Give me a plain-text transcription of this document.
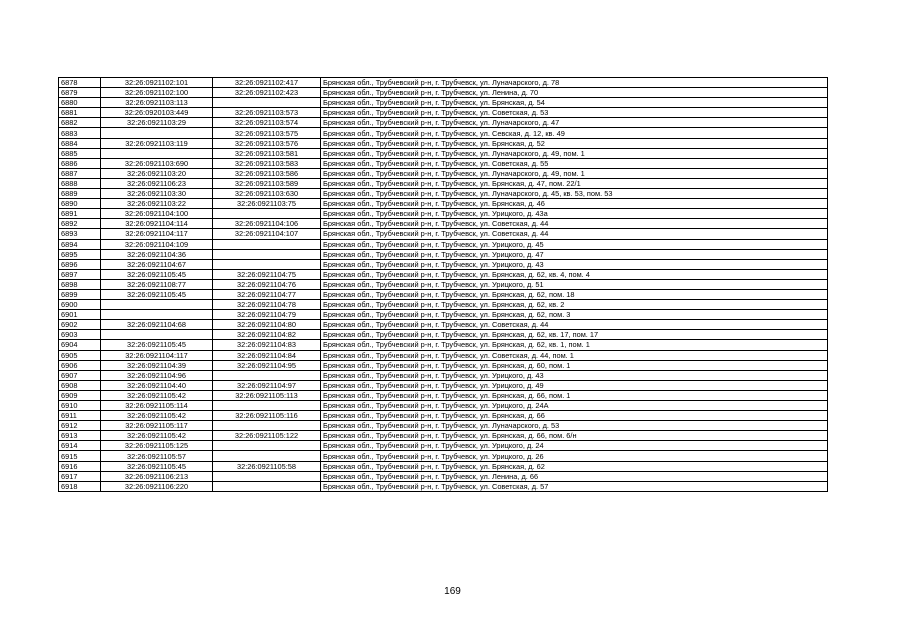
6878	32:26:0921102:101	32:26:0921102:417	Брянская обл., Трубчевский р-н, г. Трубчевск, ул. Луначарского, д. 78
6879	32:26:0921102:100	32:26:0921102:423	Брянская обл., Трубчевский р-н, г. Трубчевск, ул. Ленина, д. 70
6880	32:26:0921103:113		Брянская обл., Трубчевский р-н, г. Трубчевск, ул. Брянская, д. 54
6881	32:26:0920103:449	32:26:0921103:573	Брянская обл., Трубчевский р-н, г. Трубчевск, ул. Советская, д. 53
6882	32:26:0921103:29	32:26:0921103:574	Брянская обл., Трубчевский р-н, г. Трубчевск, ул. Луначарского, д. 47
6883		32:26:0921103:575	Брянская обл., Трубчевский р-н, г. Трубчевск, ул. Севская, д. 12, кв. 49
6884	32:26:0921103:119	32:26:0921103:576	Брянская обл., Трубчевский р-н, г. Трубчевск, ул. Брянская, д. 52
6885		32:26:0921103:581	Брянская обл., Трубчевский р-н, г. Трубчевск, ул. Луначарского, д. 49, пом. 1
6886	32:26:0921103:690	32:26:0921103:583	Брянская обл., Трубчевский р-н, г. Трубчевск, ул. Советская, д. 55
6887	32:26:0921103:20	32:26:0921103:586	Брянская обл., Трубчевский р-н, г. Трубчевск, ул. Луначарского, д. 49, пом. 1
6888	32:26:0921106:23	32:26:0921103:589	Брянская обл., Трубчевский р-н, г. Трубчевск, ул. Брянская, д. 47, пом. 22/1
6889	32:26:0921103:30	32:26:0921103:630	Брянская обл., Трубчевский р-н, г. Трубчевск, ул. Луначарского, д. 45, кв. 53, пом. 53
6890	32:26:0921103:22	32:26:0921103:75	Брянская обл., Трубчевский р-н, г. Трубчевск, ул. Брянская, д. 46
6891	32:26:0921104:100		Брянская обл., Трубчевский р-н, г. Трубчевск, ул. Урицкого, д. 43а
6892	32:26:0921104:114	32:26:0921104:106	Брянская обл., Трубчевский р-н, г. Трубчевск, ул. Советская, д. 44
6893	32:26:0921104:117	32:26:0921104:107	Брянская обл., Трубчевский р-н, г. Трубчевск, ул. Советская, д. 44
6894	32:26:0921104:109		Брянская обл., Трубчевский р-н, г. Трубчевск, ул. Урицкого, д. 45
6895	32:26:0921104:36		Брянская обл., Трубчевский р-н, г. Трубчевск, ул. Урицкого, д. 47
6896	32:26:0921104:67		Брянская обл., Трубчевский р-н, г. Трубчевск, ул. Урицкого, д. 43
6897	32:26:0921105:45	32:26:0921104:75	Брянская обл., Трубчевский р-н, г. Трубчевск, ул. Брянская, д. 62, кв. 4, пом. 4
6898	32:26:0921108:77	32:26:0921104:76	Брянская обл., Трубчевский р-н, г. Трубчевск, ул. Урицкого, д. 51
6899	32:26:0921105:45	32:26:0921104:77	Брянская обл., Трубчевский р-н, г. Трубчевск, ул. Брянская, д. 62, пом. 18
6900		32:26:0921104:78	Брянская обл., Трубчевский р-н, г. Трубчевск, ул. Брянская, д. 62, кв. 2
6901		32:26:0921104:79	Брянская обл., Трубчевский р-н, г. Трубчевск, ул. Брянская, д. 62, пом. 3
6902	32:26:0921104:68	32:26:0921104:80	Брянская обл., Трубчевский р-н, г. Трубчевск, ул. Советская, д. 44
6903		32:26:0921104:82	Брянская обл., Трубчевский р-н, г. Трубчевск, ул. Брянская, д. 62, кв. 17, пом. 17
6904	32:26:0921105:45	32:26:0921104:83	Брянская обл., Трубчевский р-н, г. Трубчевск, ул. Брянская, д. 62, кв. 1, пом. 1
6905	32:26:0921104:117	32:26:0921104:84	Брянская обл., Трубчевский р-н, г. Трубчевск, ул. Советская, д. 44, пом. 1
6906	32:26:0921104:39	32:26:0921104:95	Брянская обл., Трубчевский р-н, г. Трубчевск, ул. Брянская, д. 60, пом. 1
6907	32:26:0921104:96		Брянская обл., Трубчевский р-н, г. Трубчевск, ул. Урицкого, д. 43
6908	32:26:0921104:40	32:26:0921104:97	Брянская обл., Трубчевский р-н, г. Трубчевск, ул. Урицкого, д. 49
6909	32:26:0921105:42	32:26:0921105:113	Брянская обл., Трубчевский р-н, г. Трубчевск, ул. Брянская, д. 66, пом. 1
6910	32:26:0921105:114		Брянская обл., Трубчевский р-н, г. Трубчевск, ул. Урицкого, д. 24А
6911	32:26:0921105:42	32:26:0921105:116	Брянская обл., Трубчевский р-н, г. Трубчевск, ул. Брянская, д. 66
6912	32:26:0921105:117		Брянская обл., Трубчевский р-н, г. Трубчевск, ул. Луначарского, д. 53
6913	32:26:0921105:42	32:26:0921105:122	Брянская обл., Трубчевский р-н, г. Трубчевск, ул. Брянская, д. 66, пом. 6/н
6914	32:26:0921105:125		Брянская обл., Трубчевский р-н, г. Трубчевск, ул. Урицкого, д. 24
6915	32:26:0921105:57		Брянская обл., Трубчевский р-н, г. Трубчевск, ул. Урицкого, д. 26
6916	32:26:0921105:45	32:26:0921105:58	Брянская обл., Трубчевский р-н, г. Трубчевск, ул. Брянская, д. 62
6917	32:26:0921106:213		Брянская обл., Трубчевский р-н, г. Трубчевск, ул. Ленина, д. 66
6918	32:26:0921106:220		Брянская обл., Трубчевский р-н, г. Трубчевск, ул. Советская, д. 57
169
